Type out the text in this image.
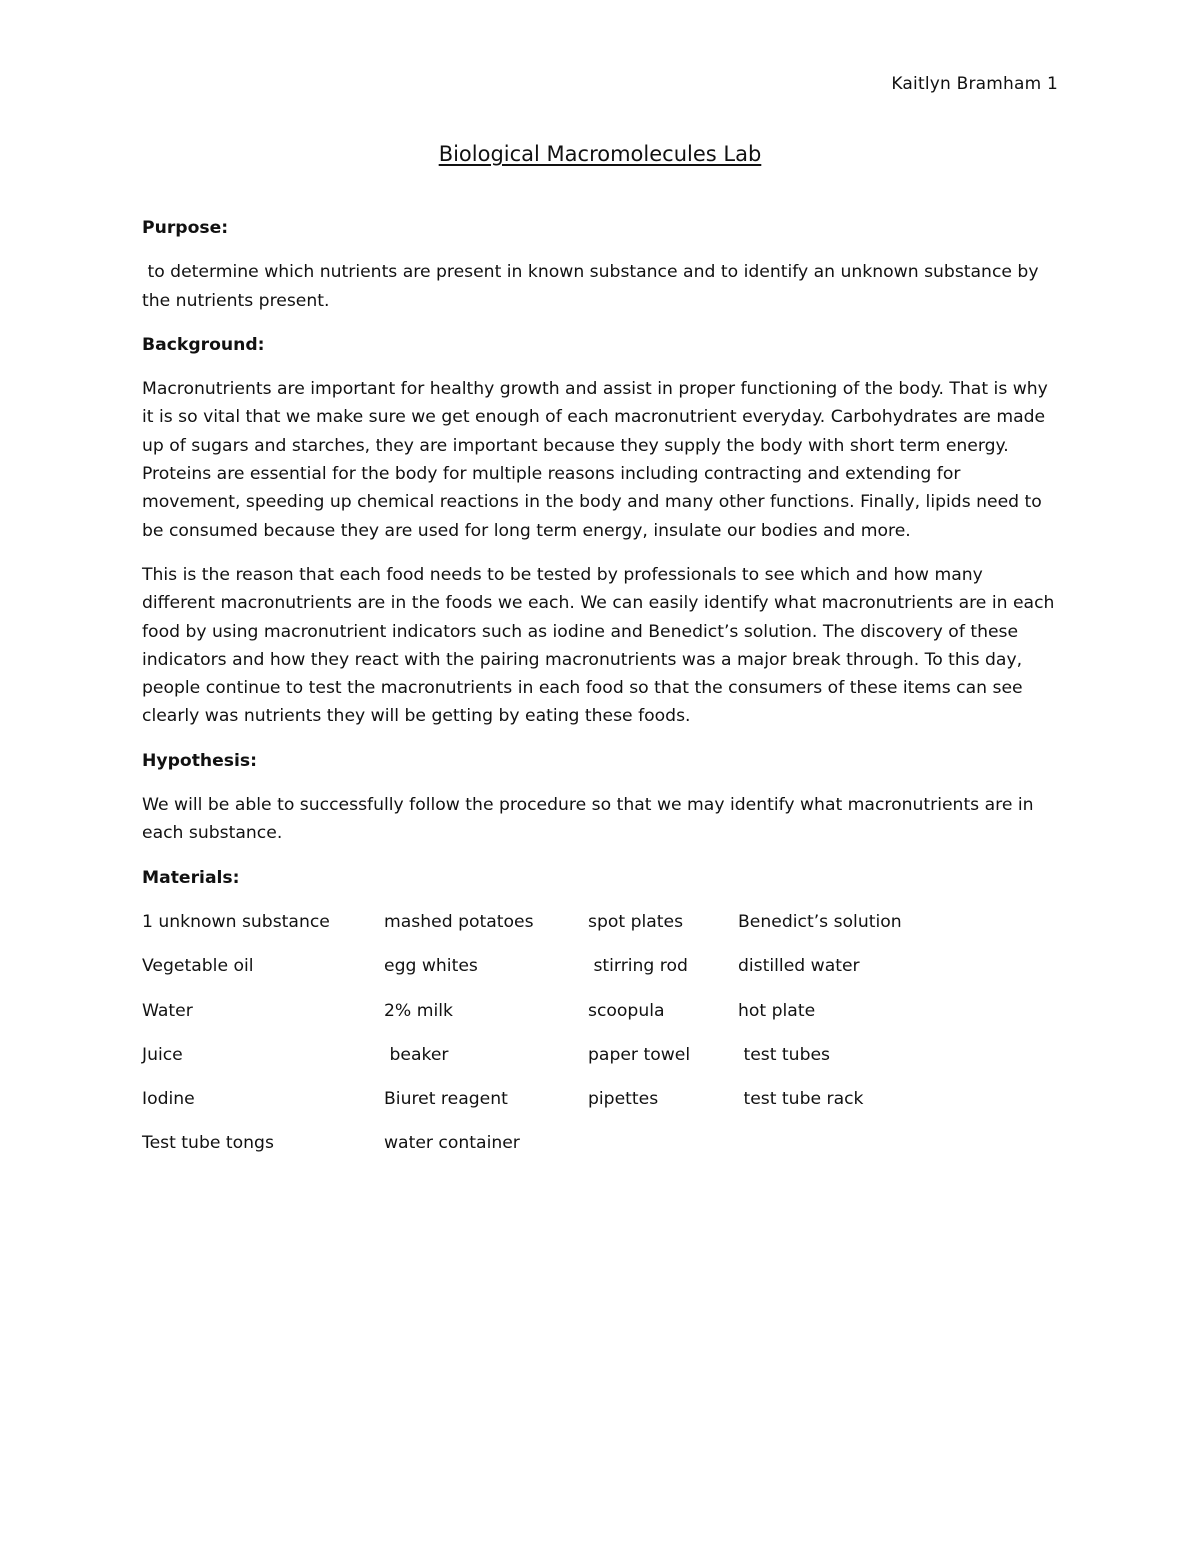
Kaitlyn Bramham 1
Biological Macromolecules Lab
Purpose:
to determine which nutrients are present in known substance and to identify an unknown substance by the nutrients present.
Background:
Macronutrients are important for healthy growth and assist in proper functioning of the body. That is why it is so vital that we make sure we get enough of each macronutrient everyday. Carbohydrates are made up of sugars and starches, they are important because they supply the body with short term energy. Proteins are essential for the body for multiple reasons including contracting and extending for movement, speeding up chemical reactions in the body and many other functions. Finally, lipids need to be consumed because they are used for long term energy, insulate our bodies and more.
This is the reason that each food needs to be tested by professionals to see which and how many different macronutrients are in the foods we each. We can easily identify what macronutrients are in each food by using macronutrient indicators such as iodine and Benedict’s solution. The discovery of these indicators and how they react with the pairing macronutrients was a major break through. To this day, people continue to test the macronutrients in each food so that the consumers of these items can see clearly was nutrients they will be getting by eating these foods.
Hypothesis:
We will be able to successfully follow the procedure so that we may identify what macronutrients are in each substance.
Materials:
1 unknown substance	mashed potatoes	spot plates	Benedict’s solution
Vegetable oil	egg whites	stirring rod	distilled water
Water	2% milk	scoopula	hot plate
Juice	beaker	paper towel	test tubes
Iodine	Biuret reagent	pipettes	test tube rack
Test tube tongs	water container		
